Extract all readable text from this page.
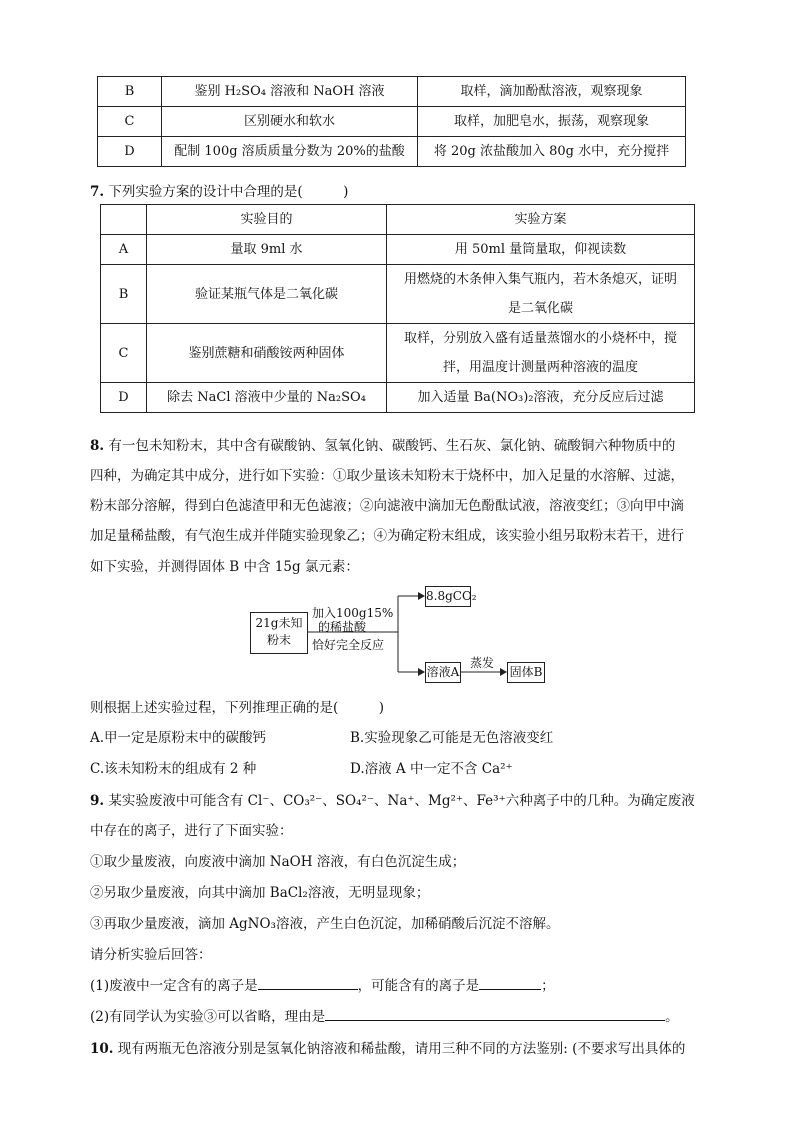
B	鉴别 H₂SO₄ 溶液和 NaOH 溶液	取样，滴加酚酞溶液，观察现象
C	区别硬水和软水	取样，加肥皂水，振荡，观察现象
D	配制 100g 溶质质量分数为 20%的盐酸	将 20g 浓盐酸加入 80g 水中，充分搅拌
7. 下列实验方案的设计中合理的是(　　　)
	实验目的	实验方案
A	量取 9ml 水	用 50ml 量筒量取，仰视读数
B	验证某瓶气体是二氧化碳	用燃烧的木条伸入集气瓶内，若木条熄灭，证明
是二氧化碳

C	鉴别蔗糖和硝酸铵两种固体	取样，分别放入盛有适量蒸馏水的小烧杯中，搅
拌，用温度计测量两种溶液的温度

D	除去 NaCl 溶液中少量的 Na₂SO₄	加入适量 Ba(NO₃)₂溶液，充分反应后过滤
8. 有一包未知粉末，其中含有碳酸钠、氢氧化钠、碳酸钙、生石灰、氯化钠、硫酸铜六种物质中的
四种，为确定其中成分，进行如下实验：①取少量该未知粉末于烧杯中，加入足量的水溶解、过滤，
粉末部分溶解，得到白色滤渣甲和无色滤液；②向滤液中滴加无色酚酞试液，溶液变红；③向甲中滴
加足量稀盐酸，有气泡生成并伴随实验现象乙；④为确定粉末组成，该实验小组另取粉末若干，进行
如下实验，并测得固体 B 中含 15g 氯元素：
21g未知
粉末
加入100g15%
的稀盐酸
恰好完全反应
8.8gCO₂
溶液A
蒸发
固体B
则根据上述实验过程，下列推理正确的是(　　　)
A.甲一定是原粉末中的碳酸钙	B.实验现象乙可能是无色溶液变红
C.该未知粉末的组成有 2 种	D.溶液 A 中一定不含 Ca²⁺
9. 某实验废液中可能含有 Cl⁻、CO₃²⁻、SO₄²⁻、Na⁺、Mg²⁺、Fe³⁺六种离子中的几种。为确定废液
中存在的离子，进行了下面实验：
①取少量废液，向废液中滴加 NaOH 溶液，有白色沉淀生成；
②另取少量废液，向其中滴加 BaCl₂溶液，无明显现象；
③再取少量废液，滴加 AgNO₃溶液，产生白色沉淀，加稀硝酸后沉淀不溶解。
请分析实验后回答：
(1)废液中一定含有的离子是	，可能含有的离子是	；
(2)有同学认为实验③可以省略，理由是	。
10. 现有两瓶无色溶液分别是氢氧化钠溶液和稀盐酸，请用三种不同的方法鉴别: (不要求写出具体的
